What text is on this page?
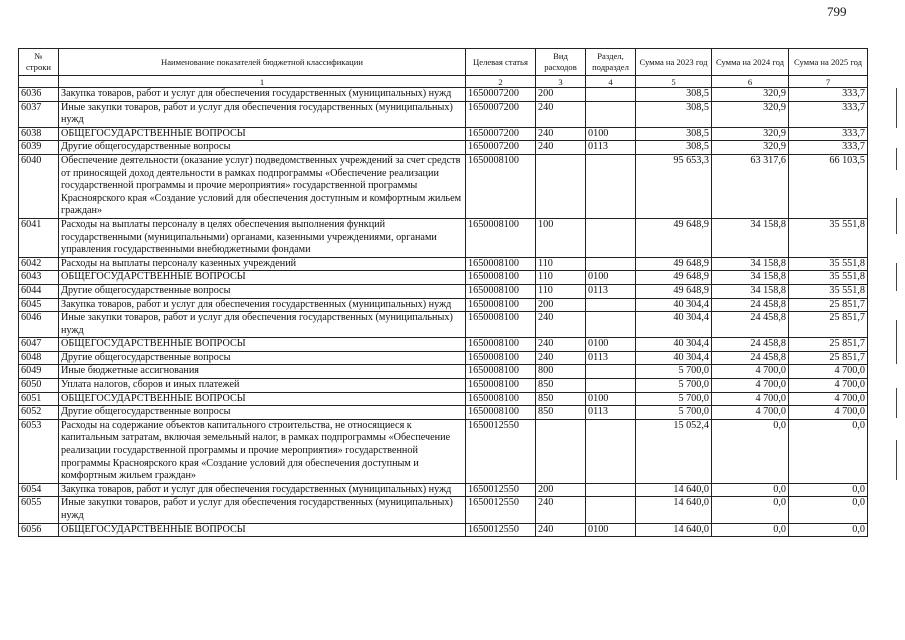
799
№ строки	Наименование показателей бюджетной классификации	Целевая статья	Вид расходов	Раздел, подраздел	Сумма на 2023 год	Сумма на 2024 год	Сумма на 2025 год
	1	2	3	4	5	6	7
6036	Закупка товаров, работ и услуг для обеспечения государственных (муниципальных) нужд	1650007200	200		308,5	320,9	333,7
6037	Иные закупки товаров, работ и услуг для обеспечения государственных (муниципальных) нужд	1650007200	240		308,5	320,9	333,7
6038	ОБЩЕГОСУДАРСТВЕННЫЕ ВОПРОСЫ	1650007200	240	0100	308,5	320,9	333,7
6039	Другие общегосударственные вопросы	1650007200	240	0113	308,5	320,9	333,7
6040	Обеспечение деятельности (оказание услуг) подведомственных учреждений за счет средств от приносящей доход деятельности в рамках подпрограммы «Обеспечение реализации государственной программы и прочие мероприятия» государственной программы Красноярского края «Создание условий для обеспечения доступным и комфортным жильем граждан»	1650008100			95 653,3	63 317,6	66 103,5
6041	Расходы на выплаты персоналу в целях обеспечения выполнения функций государственными (муниципальными) органами, казенными учреждениями, органами управления государственными внебюджетными фондами	1650008100	100		49 648,9	34 158,8	35 551,8
6042	Расходы на выплаты персоналу казенных учреждений	1650008100	110		49 648,9	34 158,8	35 551,8
6043	ОБЩЕГОСУДАРСТВЕННЫЕ ВОПРОСЫ	1650008100	110	0100	49 648,9	34 158,8	35 551,8
6044	Другие общегосударственные вопросы	1650008100	110	0113	49 648,9	34 158,8	35 551,8
6045	Закупка товаров, работ и услуг для обеспечения государственных (муниципальных) нужд	1650008100	200		40 304,4	24 458,8	25 851,7
6046	Иные закупки товаров, работ и услуг для обеспечения государственных (муниципальных) нужд	1650008100	240		40 304,4	24 458,8	25 851,7
6047	ОБЩЕГОСУДАРСТВЕННЫЕ ВОПРОСЫ	1650008100	240	0100	40 304,4	24 458,8	25 851,7
6048	Другие общегосударственные вопросы	1650008100	240	0113	40 304,4	24 458,8	25 851,7
6049	Иные бюджетные ассигнования	1650008100	800		5 700,0	4 700,0	4 700,0
6050	Уплата налогов, сборов и иных платежей	1650008100	850		5 700,0	4 700,0	4 700,0
6051	ОБЩЕГОСУДАРСТВЕННЫЕ ВОПРОСЫ	1650008100	850	0100	5 700,0	4 700,0	4 700,0
6052	Другие общегосударственные вопросы	1650008100	850	0113	5 700,0	4 700,0	4 700,0
6053	Расходы на содержание объектов капитального строительства, не относящиеся к капитальным затратам, включая земельный налог, в рамках подпрограммы «Обеспечение реализации государственной программы и прочие мероприятия» государственной программы Красноярского края «Создание условий для обеспечения доступным и комфортным жильем граждан»	1650012550			15 052,4	0,0	0,0
6054	Закупка товаров, работ и услуг для обеспечения государственных (муниципальных) нужд	1650012550	200		14 640,0	0,0	0,0
6055	Иные закупки товаров, работ и услуг для обеспечения государственных (муниципальных) нужд	1650012550	240		14 640,0	0,0	0,0
6056	ОБЩЕГОСУДАРСТВЕННЫЕ ВОПРОСЫ	1650012550	240	0100	14 640,0	0,0	0,0
